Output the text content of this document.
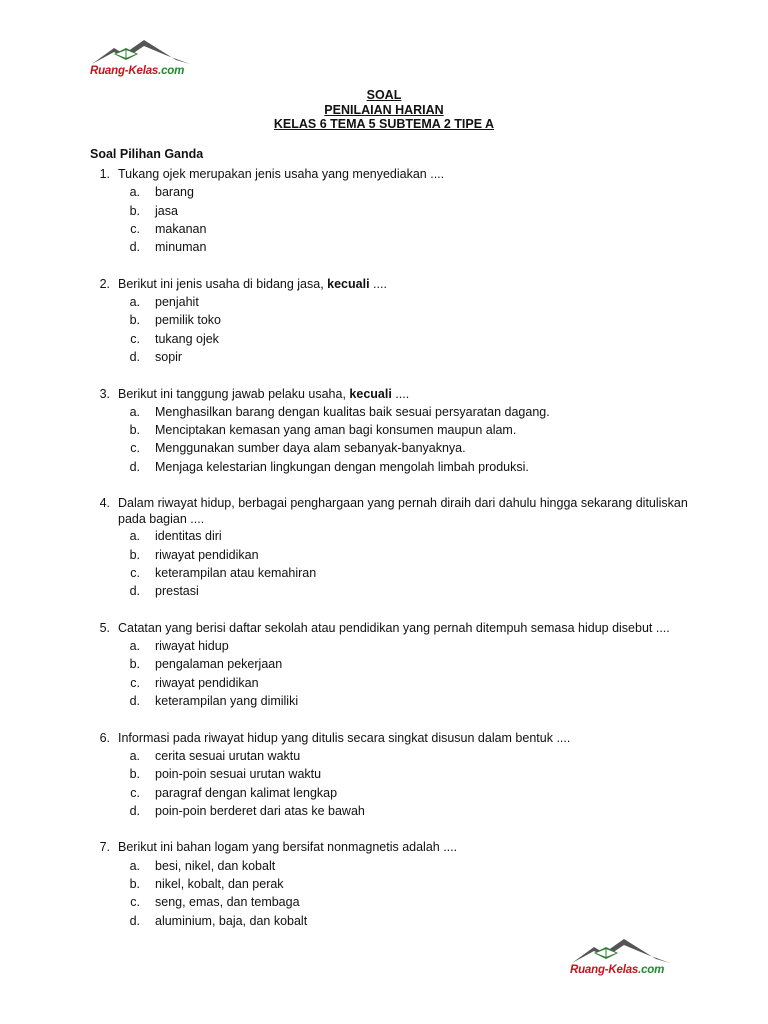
Ruang-Kelas.com
SOAL
PENILAIAN HARIAN
KELAS 6 TEMA 5 SUBTEMA 2 TIPE A
Soal Pilihan Ganda
1. Tukang ojek merupakan jenis usaha yang menyediakan ....
a.	barang
b.	jasa
c.	makanan
d.	minuman
2. Berikut ini jenis usaha di bidang jasa, kecuali ....
a.	penjahit
b.	pemilik toko
c.	tukang ojek
d.	sopir
3. Berikut ini tanggung jawab pelaku usaha, kecuali ....
a.	Menghasilkan barang dengan kualitas baik sesuai persyaratan dagang.
b.	Menciptakan kemasan yang aman bagi konsumen maupun alam.
c.	Menggunakan sumber daya alam sebanyak-banyaknya.
d.	Menjaga kelestarian lingkungan dengan mengolah limbah produksi.
4. Dalam riwayat hidup, berbagai penghargaan yang pernah diraih dari dahulu hingga sekarang dituliskan pada bagian ....
a.	identitas diri
b.	riwayat pendidikan
c.	keterampilan atau kemahiran
d.	prestasi
5. Catatan yang berisi daftar sekolah atau pendidikan yang pernah ditempuh semasa hidup disebut ....
a.	riwayat hidup
b.	pengalaman pekerjaan
c.	riwayat pendidikan
d.	keterampilan yang dimiliki
6. Informasi pada riwayat hidup yang ditulis secara singkat disusun dalam bentuk ....
a.	cerita sesuai urutan waktu
b.	poin-poin sesuai urutan waktu
c.	paragraf dengan kalimat lengkap
d.	poin-poin berderet dari atas ke bawah
7. Berikut ini bahan logam yang bersifat nonmagnetis adalah ....
a.	besi, nikel, dan kobalt
b.	nikel, kobalt, dan perak
c.	seng, emas, dan tembaga
d.	aluminium, baja, dan kobalt
Ruang-Kelas.com
